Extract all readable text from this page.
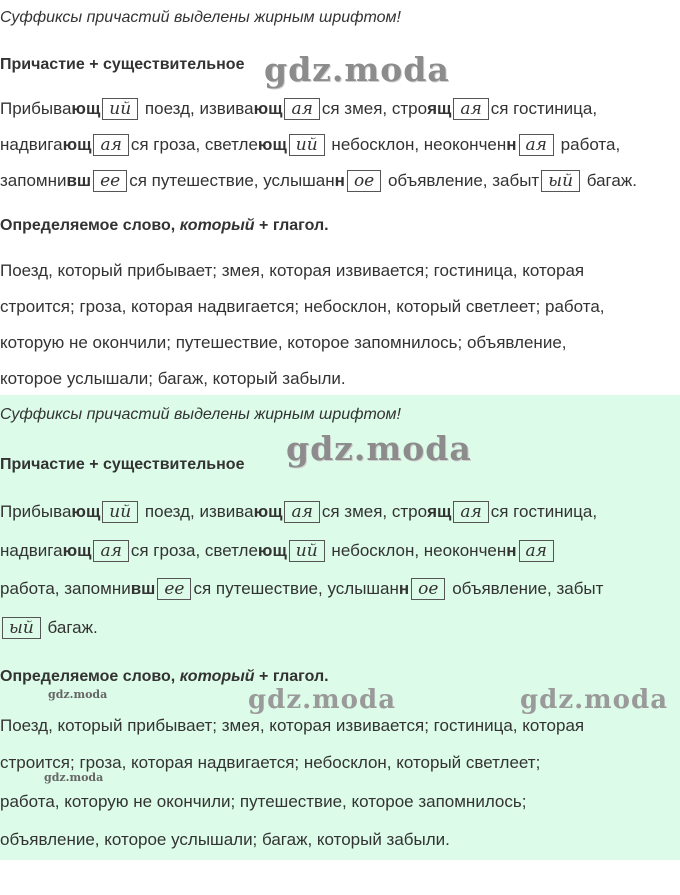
Суффиксы причастий выделены жирным шрифтом!
Причастие + существительное gdz.moda
Прибывающ ий поезд, извивающ ая ся змея, строящ ая ся гостиница,
надвигающ ая ся гроза, светлеющ ий небосклон, неоконченн ая работа,
запомнивш ее ся путешествие, услышанн ое объявление, забыт ый багаж.
Определяемое слово, который + глагол.
Поезд, который прибывает; змея, которая извивается; гостиница, которая
строится; гроза, которая надвигается; небосклон, который светлеет; работа,
которую не окончили; путешествие, которое запомнилось; объявление,
которое услышали; багаж, который забыли.
Суффиксы причастий выделены жирным шрифтом!
gdz.moda
Причастие + существительное
Прибывающ ий поезд, извивающ ая ся змея, строящ ая ся гостиница,
надвигающ ая ся гроза, светлеющ ий небосклон, неоконченн ая
работа, запомнивш ее ся путешествие, услышанн ое объявление, забыт
ый багаж.
Определяемое слово, который + глагол.
gdz.moda	gdz.moda	gdz.moda
Поезд, который прибывает; змея, которая извивается; гостиница, которая
gdz.moda
строится; гроза, которая надвигается; небосклон, который светлеет;
работа, которую не окончили; путешествие, которое запомнилось;
объявление, которое услышали; багаж, который забыли.
